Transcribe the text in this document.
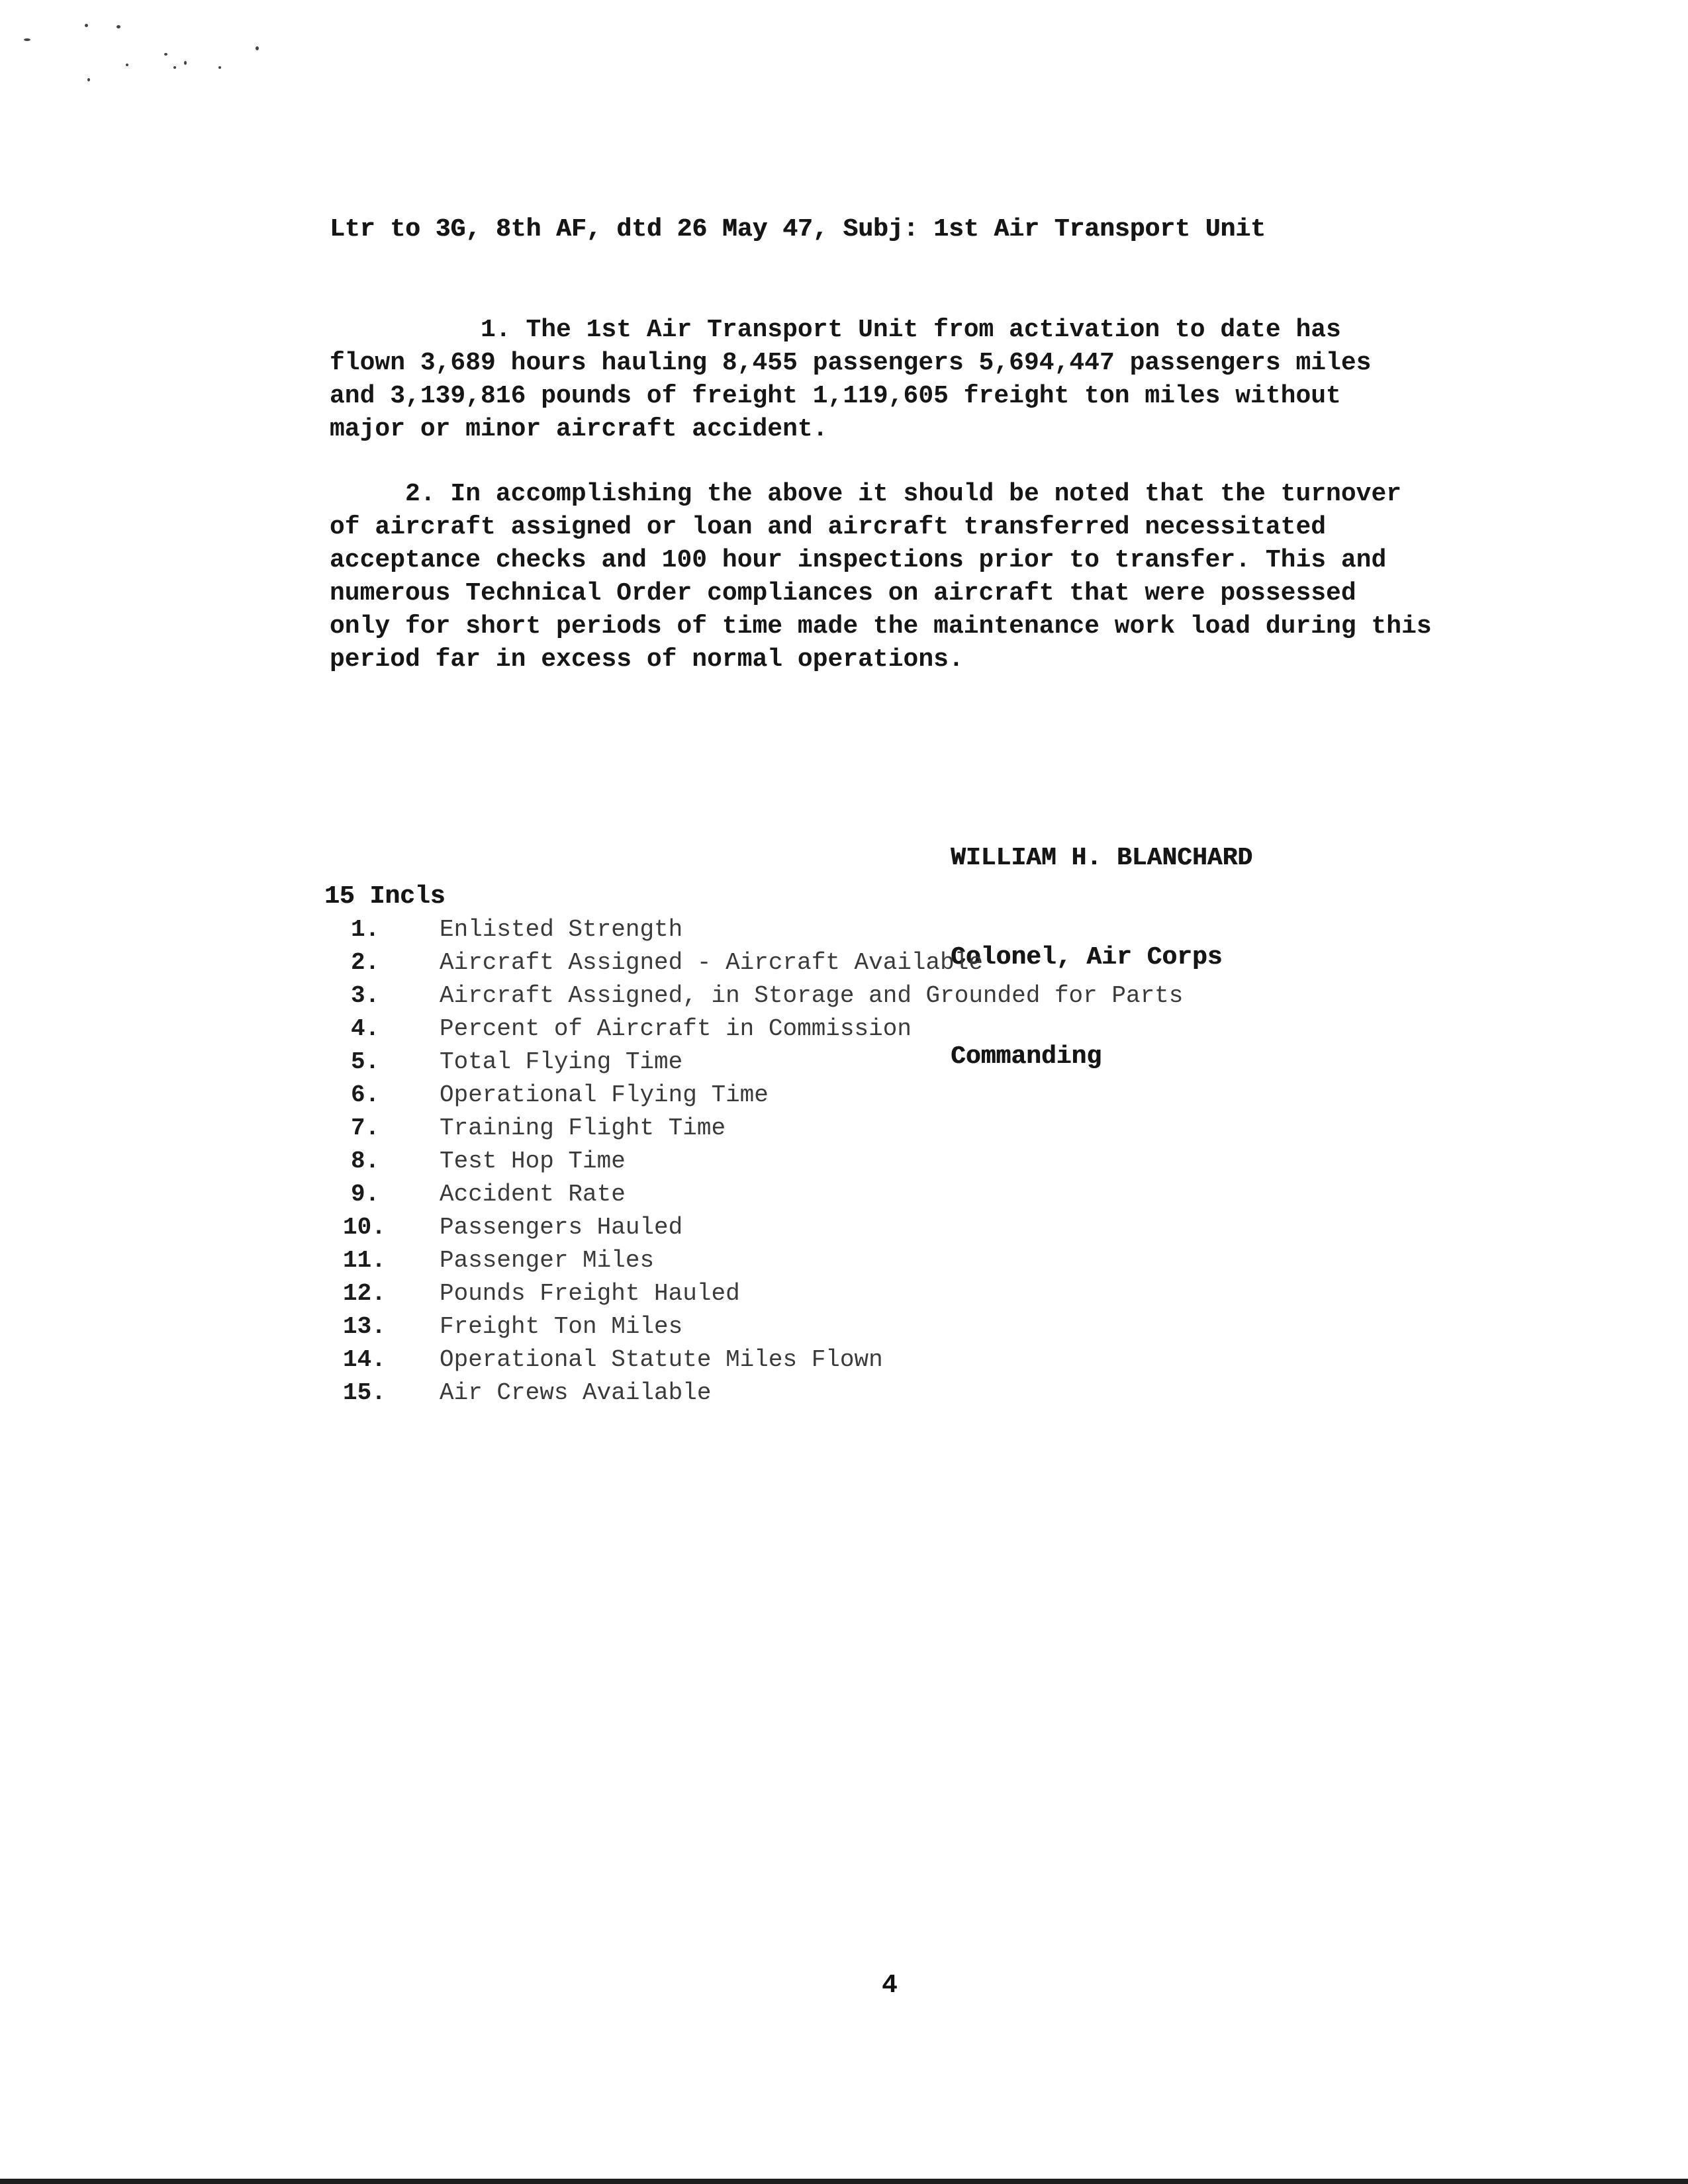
Ltr to 3G, 8th AF, dtd 26 May 47, Subj: 1st Air Transport Unit
1. The 1st Air Transport Unit from activation to date has
flown 3,689 hours hauling 8,455 passengers 5,694,447 passengers miles
and 3,139,816 pounds of freight 1,119,605 freight ton miles without
major or minor aircraft accident.
2. In accomplishing the above it should be noted that the turnover
of aircraft assigned or loan and aircraft transferred necessitated
acceptance checks and 100 hour inspections prior to transfer. This and
numerous Technical Order compliances on aircraft that were possessed
only for short periods of time made the maintenance work load during this
period far in excess of normal operations.

WILLIAM H. BLANCHARD

Colonel, Air Corps

Commanding

15 Incls
1.	Enlisted Strength
2.	Aircraft Assigned - Aircraft Available
3.	Aircraft Assigned, in Storage and Grounded for Parts
4.	Percent of Aircraft in Commission
5.	Total Flying Time
6.	Operational Flying Time
7.	Training Flight Time
8.	Test Hop Time
9.	Accident Rate
10.	Passengers Hauled
11.	Passenger Miles
12.	Pounds Freight Hauled
13.	Freight Ton Miles
14.	Operational Statute Miles Flown
15.	Air Crews Available
4
